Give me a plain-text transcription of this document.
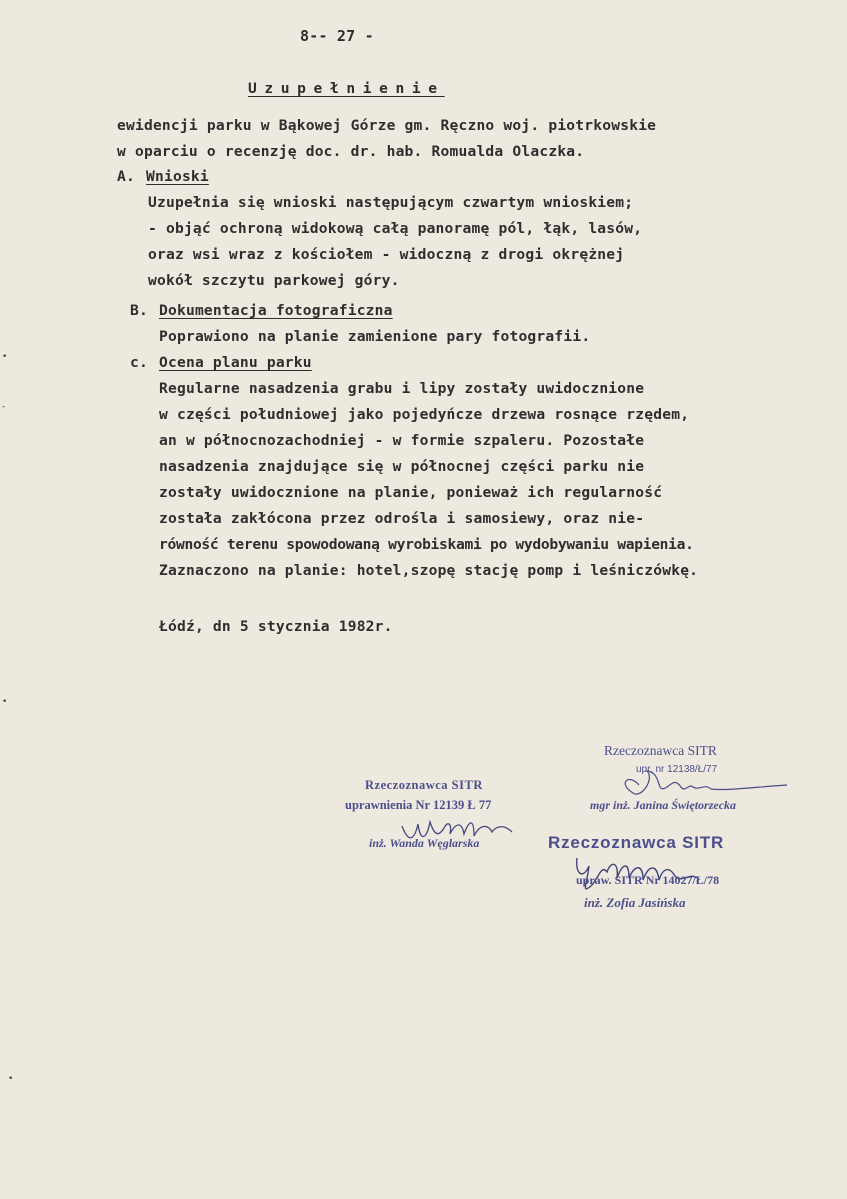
8-- 27 -
Uzupełnienie
ewidencji parku w Bąkowej Górze gm. Ręczno woj. piotrkowskie
w oparciu o recenzję doc. dr. hab. Romualda Olaczka.
A. Wnioski
Uzupełnia się wnioski następującym czwartym wnioskiem;
- objąć ochroną widokową całą panoramę pól, łąk, lasów,
oraz wsi wraz z kościołem - widoczną z drogi okrężnej
wokół szczytu parkowej góry.
B. Dokumentacja fotograficzna
Poprawiono na planie zamienione pary fotografii.
c. Ocena planu parku
Regularne nasadzenia grabu i lipy zostały uwidocznione
w części południowej jako pojedyńcze drzewa rosnące rzędem,
an w północnozachodniej - w formie szpaleru. Pozostałe
nasadzenia znajdujące się w północnej części parku nie
zostały uwidocznione na planie, ponieważ ich regularność
została zakłócona przez odrośla i samosiewy, oraz nie-
równość terenu spowodowaną wyrobiskami po wydobywaniu wapienia.
Zaznaczono na planie: hotel,szopę stację pomp i leśniczówkę.
Łódź, dn 5 stycznia 1982r.
Rzeczoznawca SITR
uprawnienia Nr 12139 Ł 77
inż. Wanda Węglarska
Rzeczoznawca SITR
upr. nr 12138/Ł/77
mgr inż. Janina Świętorzecka
Rzeczoznawca SITR
upraw. SITR Nr 14027/Ł/78
inż. Zofia Jasińska
•
-
•
•
